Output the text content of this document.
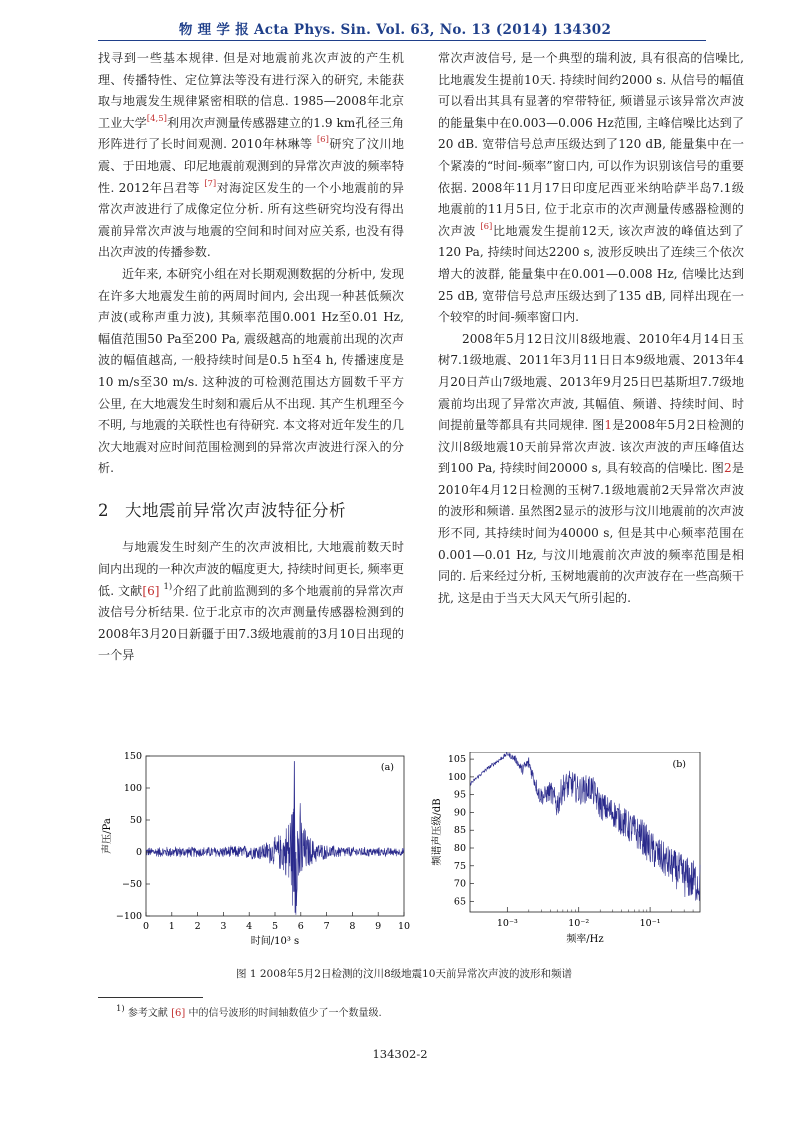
物 理 学 报 Acta Phys. Sin. Vol. 63, No. 13 (2014) 134302

找寻到一些基本规律. 但是对地震前兆次声波的产生机理、传播特性、定位算法等没有进行深入的研究, 未能获取与地震发生规律紧密相联的信息. 1985—2008年北京工业大学[4,5]利用次声测量传感器建立的1.9 km孔径三角形阵进行了长时间观测. 2010年林琳等 [6]研究了汶川地震、于田地震、印尼地震前观测到的异常次声波的频率特性. 2012年吕君等 [7]对海淀区发生的一个小地震前的异常次声波进行了成像定位分析. 所有这些研究均没有得出震前异常次声波与地震的空间和时间对应关系, 也没有得出次声波的传播参数.

近年来, 本研究小组在对长期观测数据的分析中, 发现在许多大地震发生前的两周时间内, 会出现一种甚低频次声波(或称声重力波), 其频率范围0.001 Hz至0.01 Hz, 幅值范围50 Pa至200 Pa, 震级越高的地震前出现的次声波的幅值越高, 一般持续时间是0.5 h至4 h, 传播速度是10 m/s至30 m/s. 这种波的可检测范围达方圆数千平方公里, 在大地震发生时刻和震后从不出现. 其产生机理至今不明, 与地震的关联性也有待研究. 本文将对近年发生的几次大地震对应时间范围检测到的异常次声波进行深入的分析.

2 大地震前异常次声波特征分析

与地震发生时刻产生的次声波相比, 大地震前数天时间内出现的一种次声波的幅度更大, 持续时间更长, 频率更低. 文献[6] $^{1)}$介绍了此前监测到的多个地震前的异常次声波信号分析结果. 位于北京市的次声测量传感器检测到的2008年3月20日新疆于田7.3级地震前的3月10日出现的一个异

常次声波信号, 是一个典型的瑞利波, 具有很高的信噪比, 比地震发生提前10天. 持续时间约2000 s. 从信号的幅值可以看出其具有显著的窄带特征, 频谱显示该异常次声波的能量集中在0.003—0.006 Hz范围, 主峰信噪比达到了20 dB. 宽带信号总声压级达到了120 dB, 能量集中在一个紧凑的“时间-频率”窗口内, 可以作为识别该信号的重要依据. 2008年11月17日印度尼西亚米纳哈萨半岛7.1级地震前的11月5日, 位于北京市的次声测量传感器检测的次声波 [6]比地震发生提前12天, 该次声波的峰值达到了120 Pa, 持续时间达2200 s, 波形反映出了连续三个依次增大的波群, 能量集中在0.001—0.008 Hz, 信噪比达到25 dB, 宽带信号总声压级达到了135 dB, 同样出现在一个较窄的时间-频率窗口内.

2008年5月12日汶川8级地震、2010年4月14日玉树7.1级地震、2011年3月11日日本9级地震、2013年4月20日芦山7级地震、2013年9月25日巴基斯坦7.7级地震前均出现了异常次声波, 其幅值、频谱、持续时间、时间提前量等都具有共同规律. 图1是2008年5月2日检测的汶川8级地震10天前异常次声波. 该次声波的声压峰值达到100 Pa, 持续时间20000 s, 具有较高的信噪比. 图2是2010年4月12日检测的玉树7.1级地震前2天异常次声波的波形和频谱. 虽然图2显示的波形与汶川地震前的次声波形不同, 其持续时间为40000 s, 但是其中心频率范围在0.001—0.01 Hz, 与汶川地震前次声波的频率范围是相同的. 后来经过分析, 玉树地震前的次声波存在一些高频干扰, 这是由于当天大风天气所引起的.

0 1 2 3 4 5 6 7 8 9 10
−100
−50
0
50
100
150
(a)
时间/10³ s
声压/Pa
10⁻³	10⁻²	10⁻¹
65
70
75
80
85
90
95
100
105	(b)
频率/Hz
频谱声压级/dB
图 1 2008年5月2日检测的汶川8级地震10天前异常次声波的波形和频谱
$^{1)}$ 参考文献 [6] 中的信号波形的时间轴数值少了一个数量级.
134302-2
